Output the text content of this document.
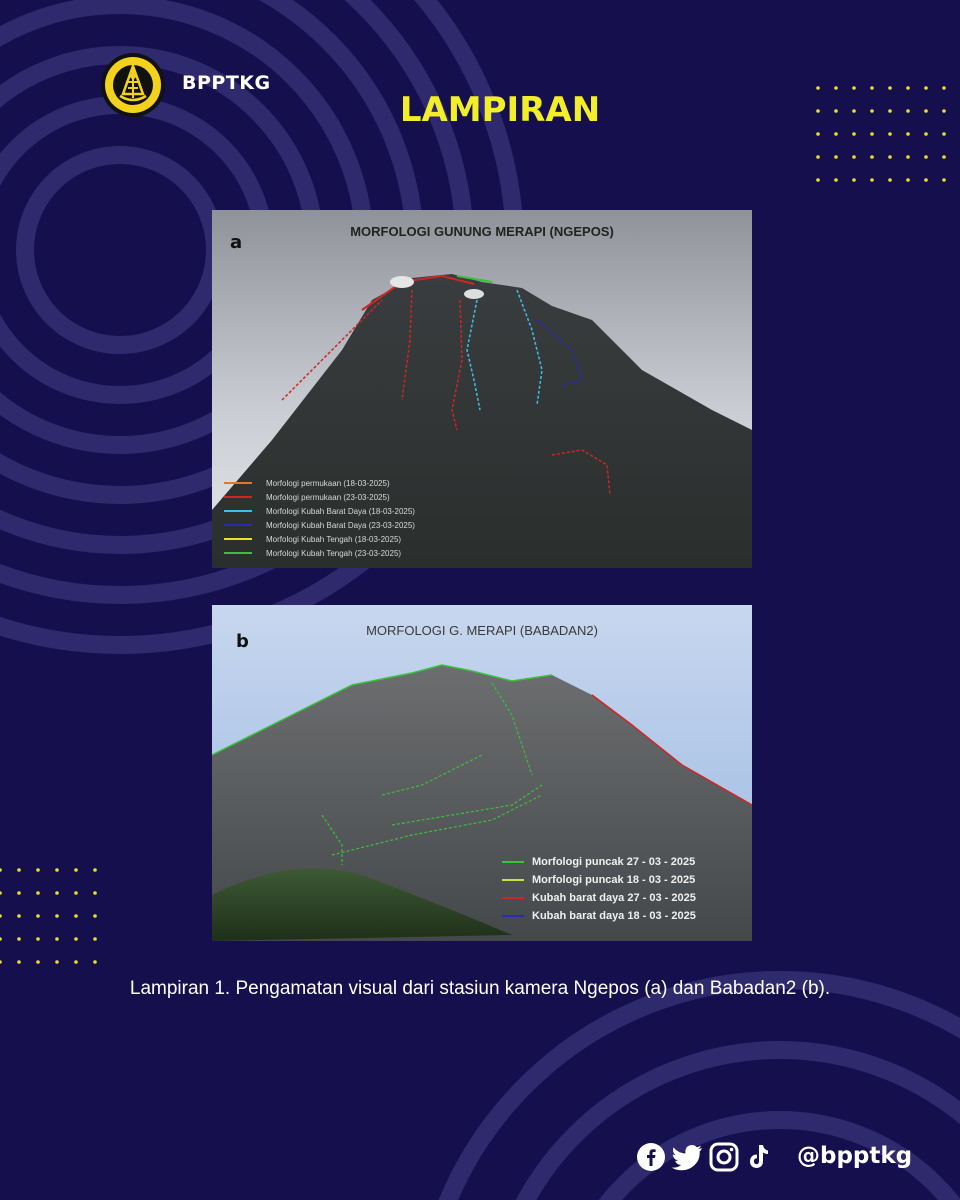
BPPTKG
LAMPIRAN
a
MORFOLOGI GUNUNG MERAPI (NGEPOS)
Morfologi permukaan (18-03-2025)
Morfologi permukaan (23-03-2025)
Morfologi Kubah Barat Daya (18-03-2025)
Morfologi Kubah Barat Daya (23-03-2025)
Morfologi Kubah Tengah (18-03-2025)
Morfologi Kubah Tengah (23-03-2025)
b
MORFOLOGI G. MERAPI (BABADAN2)
Morfologi puncak 27 - 03 - 2025
Morfologi puncak 18 - 03 - 2025
Kubah barat daya 27 - 03 - 2025
Kubah barat daya 18 - 03 - 2025
Lampiran 1. Pengamatan visual dari stasiun kamera Ngepos (a) dan Babadan2 (b).
@bpptkg
